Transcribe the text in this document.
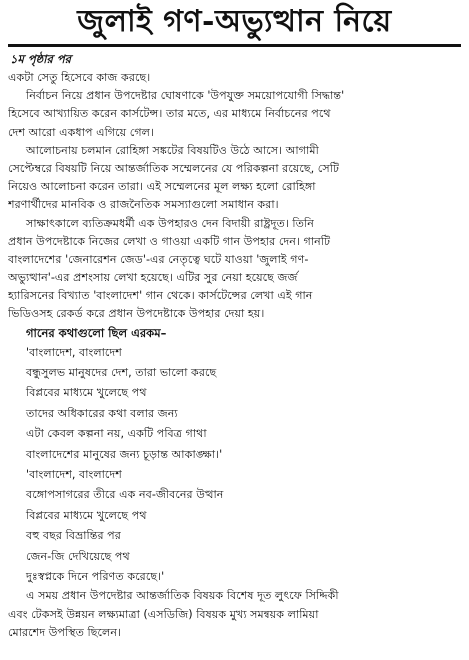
জুলাই গণ-অভ্যুত্থান নিয়ে
১ম পৃষ্ঠার পর
একটা সেতু হিসেবে কাজ করছে।
নির্বাচন নিয়ে প্রধান উপদেষ্টার ঘোষণাকে 'উপযুক্ত সময়োপযোগী সিদ্ধান্ত'
হিসেবে আখ্যায়িত করেন কার্সটেন্স। তার মতে, এর মাধ্যমে নির্বাচনের পথে
দেশ আরো একধাপ এগিয়ে গেল।
আলোচনায় চলমান রোহিঙ্গা সঙ্কটের বিষয়টিও উঠে আসে। আগামী
সেপ্টেম্বরে বিষয়টি নিয়ে আন্তর্জাতিক সম্মেলনের যে পরিকল্পনা রয়েছে, সেটি
নিয়েও আলোচনা করেন তারা। এই সম্মেলনের মূল লক্ষ্য হলো রোহিঙ্গা
শরণার্থীদের মানবিক ও রাজনৈতিক সমস্যাগুলো সমাধান করা।
সাক্ষাৎকালে ব্যতিক্রমধর্মী এক উপহারও দেন বিদায়ী রাষ্ট্রদূত। তিনি
প্রধান উপদেষ্টাকে নিজের লেখা ও গাওয়া একটি গান উপহার দেন। গানটি
বাংলাদেশের 'জেনারেশন জেড'-এর নেতৃত্বে ঘটে যাওয়া 'জুলাই গণ-
অভ্যুত্থান'-এর প্রশংসায় লেখা হয়েছে। এটির সুর নেয়া হয়েছে জর্জ
হ্যারিসনের বিখ্যাত 'বাংলাদেশ' গান থেকে। কার্সটেন্সের লেখা এই গান
ভিডিওসহ রেকর্ড করে প্রধান উপদেষ্টাকে উপহার দেয়া হয়।
গানের কথাগুলো ছিল এরকম–
'বাংলাদেশ, বাংলাদেশ
বন্ধুসুলভ মানুষদের দেশ, তারা ভালো করছে
বিপ্লবের মাধ্যমে খুলেছে পথ
তাদের অধিকারের কথা বলার জন্য
এটা কেবল কল্পনা নয়, একটি পবিত্র গাথা
বাংলাদেশের মানুষের জন্য চূড়ান্ত আকাঙ্ক্ষা।'
'বাংলাদেশ, বাংলাদেশ
বঙ্গোপসাগরের তীরে এক নব-জীবনের উত্থান
বিপ্লবের মাধ্যমে খুলেছে পথ
বহু বছর বিভ্রান্তির পর
জেন-জি দেখিয়েছে পথ
দুঃস্বপ্নকে দিনে পরিণত করেছে।'
এ সময় প্রধান উপদেষ্টার আন্তর্জাতিক বিষয়ক বিশেষ দূত লুৎফে সিদ্দিকী
এবং টেকসই উন্নয়ন লক্ষ্যমাত্রা (এসডিজি) বিষয়ক মুখ্য সমন্বয়ক লামিয়া
মোরশেদ উপস্থিত ছিলেন।
